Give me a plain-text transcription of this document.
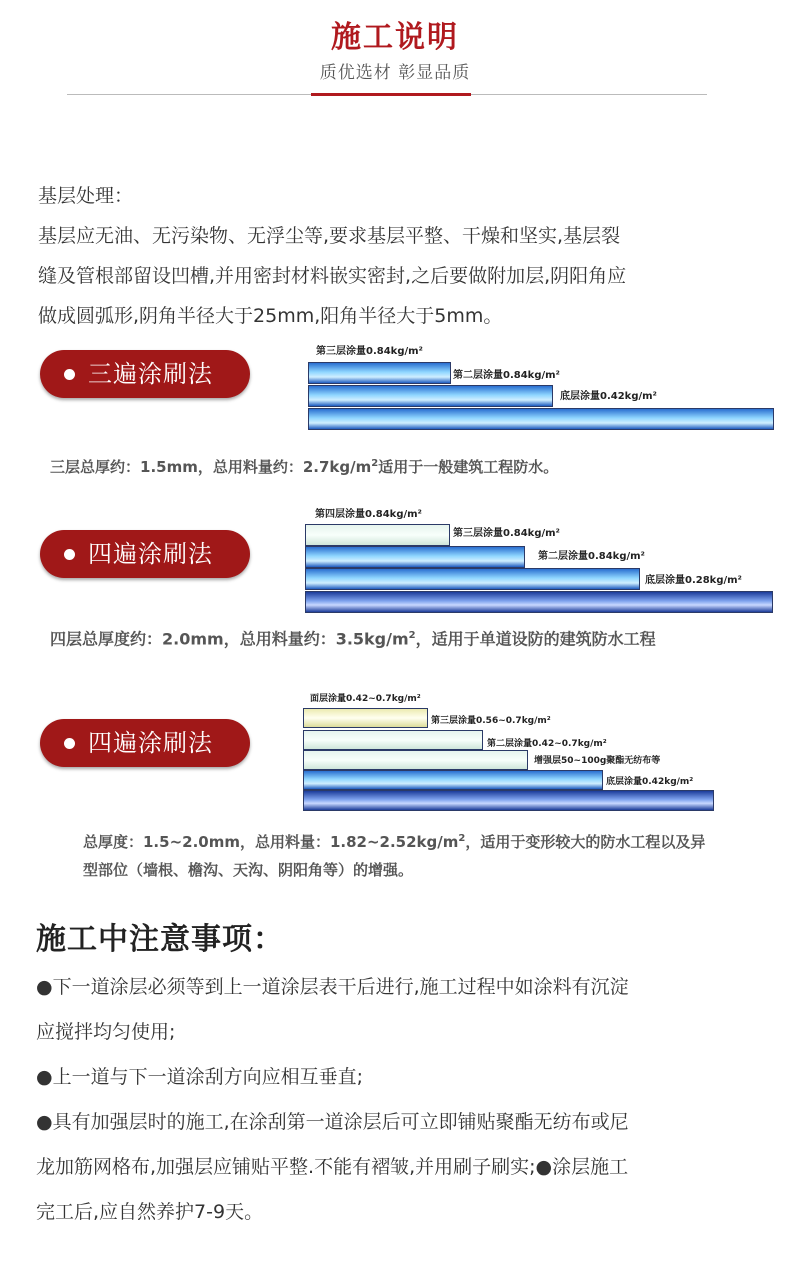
施工说明
质优选材 彰显品质

基层处理：

基层应无油、无污染物、无浮尘等,要求基层平整、干燥和坚实,基层裂

缝及管根部留设凹槽,并用密封材料嵌实密封,之后要做附加层,阴阳角应

做成圆弧形,阴角半径大于25mm,阳角半径大于5mm。

三遍涂刷法
第三层涂量0.84kg/m²
第二层涂量0.84kg/m²
底层涂量0.42kg/m²
三层总厚约：1.5mm，总用料量约：$2.7kg/m^2$适用于一般建筑工程防水。
四遍涂刷法
第四层涂量0.84kg/m²
第三层涂量0.84kg/m²
第二层涂量0.84kg/m²
底层涂量0.28kg/m²
四层总厚度约：2.0mm，总用料量约：$3.5kg/m^2$，适用于单道设防的建筑防水工程
四遍涂刷法
面层涂量0.42~0.7kg/m²
第三层涂量0.56~0.7kg/m²
第二层涂量0.42~0.7kg/m²
增强层50~100g聚酯无纺布等
底层涂量0.42kg/m²
总厚度：1.5~2.0mm，总用料量：$1.82\sim 2.52kg/m^2$，适用于变形较大的防水工程以及异
型部位（墙根、檐沟、天沟、阴阳角等）的增强。
施工中注意事项：

●下一道涂层必须等到上一道涂层表干后进行,施工过程中如涂料有沉淀

应搅拌均匀使用;

●上一道与下一道涂刮方向应相互垂直;

●具有加强层时的施工,在涂刮第一道涂层后可立即铺贴聚酯无纺布或尼

龙加筋网格布,加强层应铺贴平整.不能有褶皱,并用刷子刷实;●涂层施工

完工后,应自然养护7-9天。
